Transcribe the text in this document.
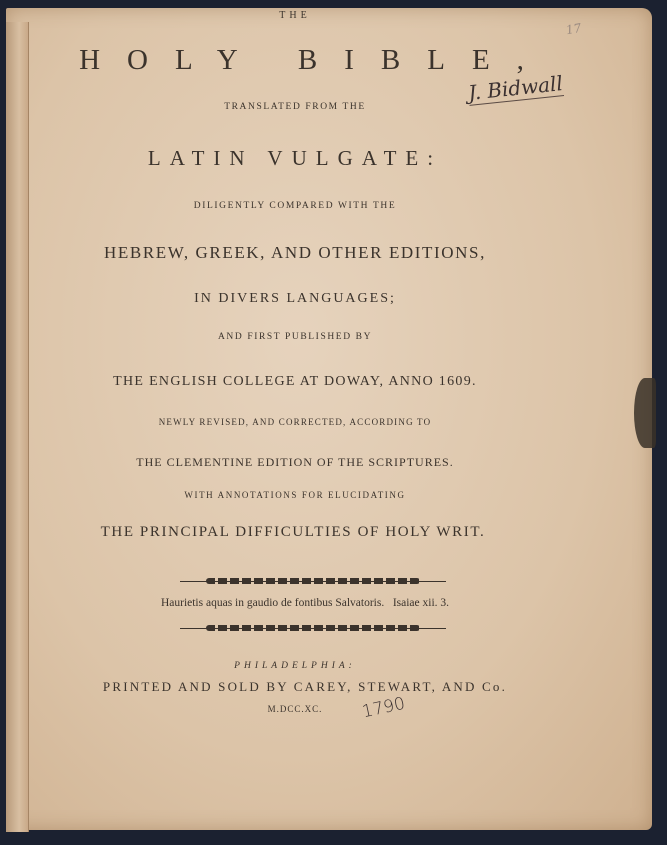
THE
HOLY BIBLE,
TRANSLATED FROM THE
LATIN VULGATE:
DILIGENTLY COMPARED WITH THE
HEBREW, GREEK, AND OTHER EDITIONS,
IN DIVERS LANGUAGES;
AND FIRST PUBLISHED BY
THE ENGLISH COLLEGE AT DOWAY, ANNO 1609.
NEWLY REVISED, AND CORRECTED, ACCORDING TO
THE CLEMENTINE EDITION OF THE SCRIPTURES.
WITH ANNOTATIONS FOR ELUCIDATING
THE PRINCIPAL DIFFICULTIES OF HOLY WRIT.
Haurietis aquas in gaudio de fontibus Salvatoris.   Isaiae xii. 3.
PHILADELPHIA:
PRINTED AND SOLD BY CAREY, STEWART, AND Co.
M.DCC.XC.
J. Bidwall
1790
17
